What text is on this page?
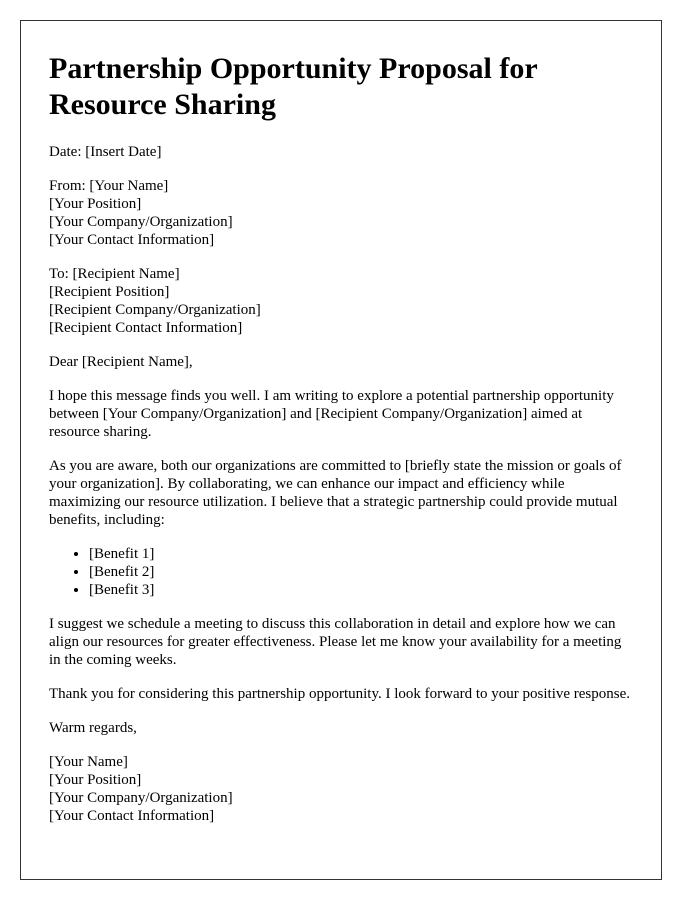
Partnership Opportunity Proposal for Resource Sharing
Date: [Insert Date]
From: [Your Name]
[Your Position]
[Your Company/Organization]
[Your Contact Information]
To: [Recipient Name]
[Recipient Position]
[Recipient Company/Organization]
[Recipient Contact Information]
Dear [Recipient Name],

I hope this message finds you well. I am writing to explore a potential partnership opportunity between [Your Company/Organization] and [Recipient Company/Organization] aimed at resource sharing.

As you are aware, both our organizations are committed to [briefly state the mission or goals of your organization]. By collaborating, we can enhance our impact and efficiency while maximizing our resource utilization. I believe that a strategic partnership could provide mutual benefits, including:

• [Benefit 1]
• [Benefit 2]
• [Benefit 3]

I suggest we schedule a meeting to discuss this collaboration in detail and explore how we can align our resources for greater effectiveness. Please let me know your availability for a meeting in the coming weeks.

Thank you for considering this partnership opportunity. I look forward to your positive response.

Warm regards,
[Your Name]
[Your Position]
[Your Company/Organization]
[Your Contact Information]
